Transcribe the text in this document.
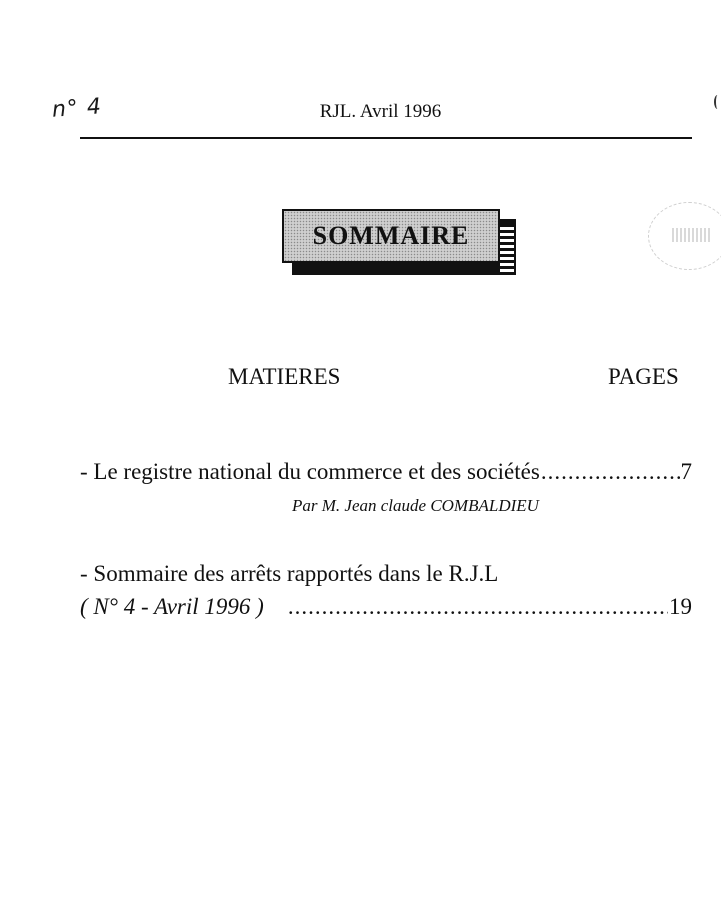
n° 4	RJL. Avril 1996
SOMMAIRE
MATIERES	PAGES
- Le registre national du commerce et des sociétés .....	7
Par M. Jean claude COMBALDIEU
- Sommaire des arrêts rapportés dans le R.J.L
( N° 4 - Avril 1996 ) .....	19
